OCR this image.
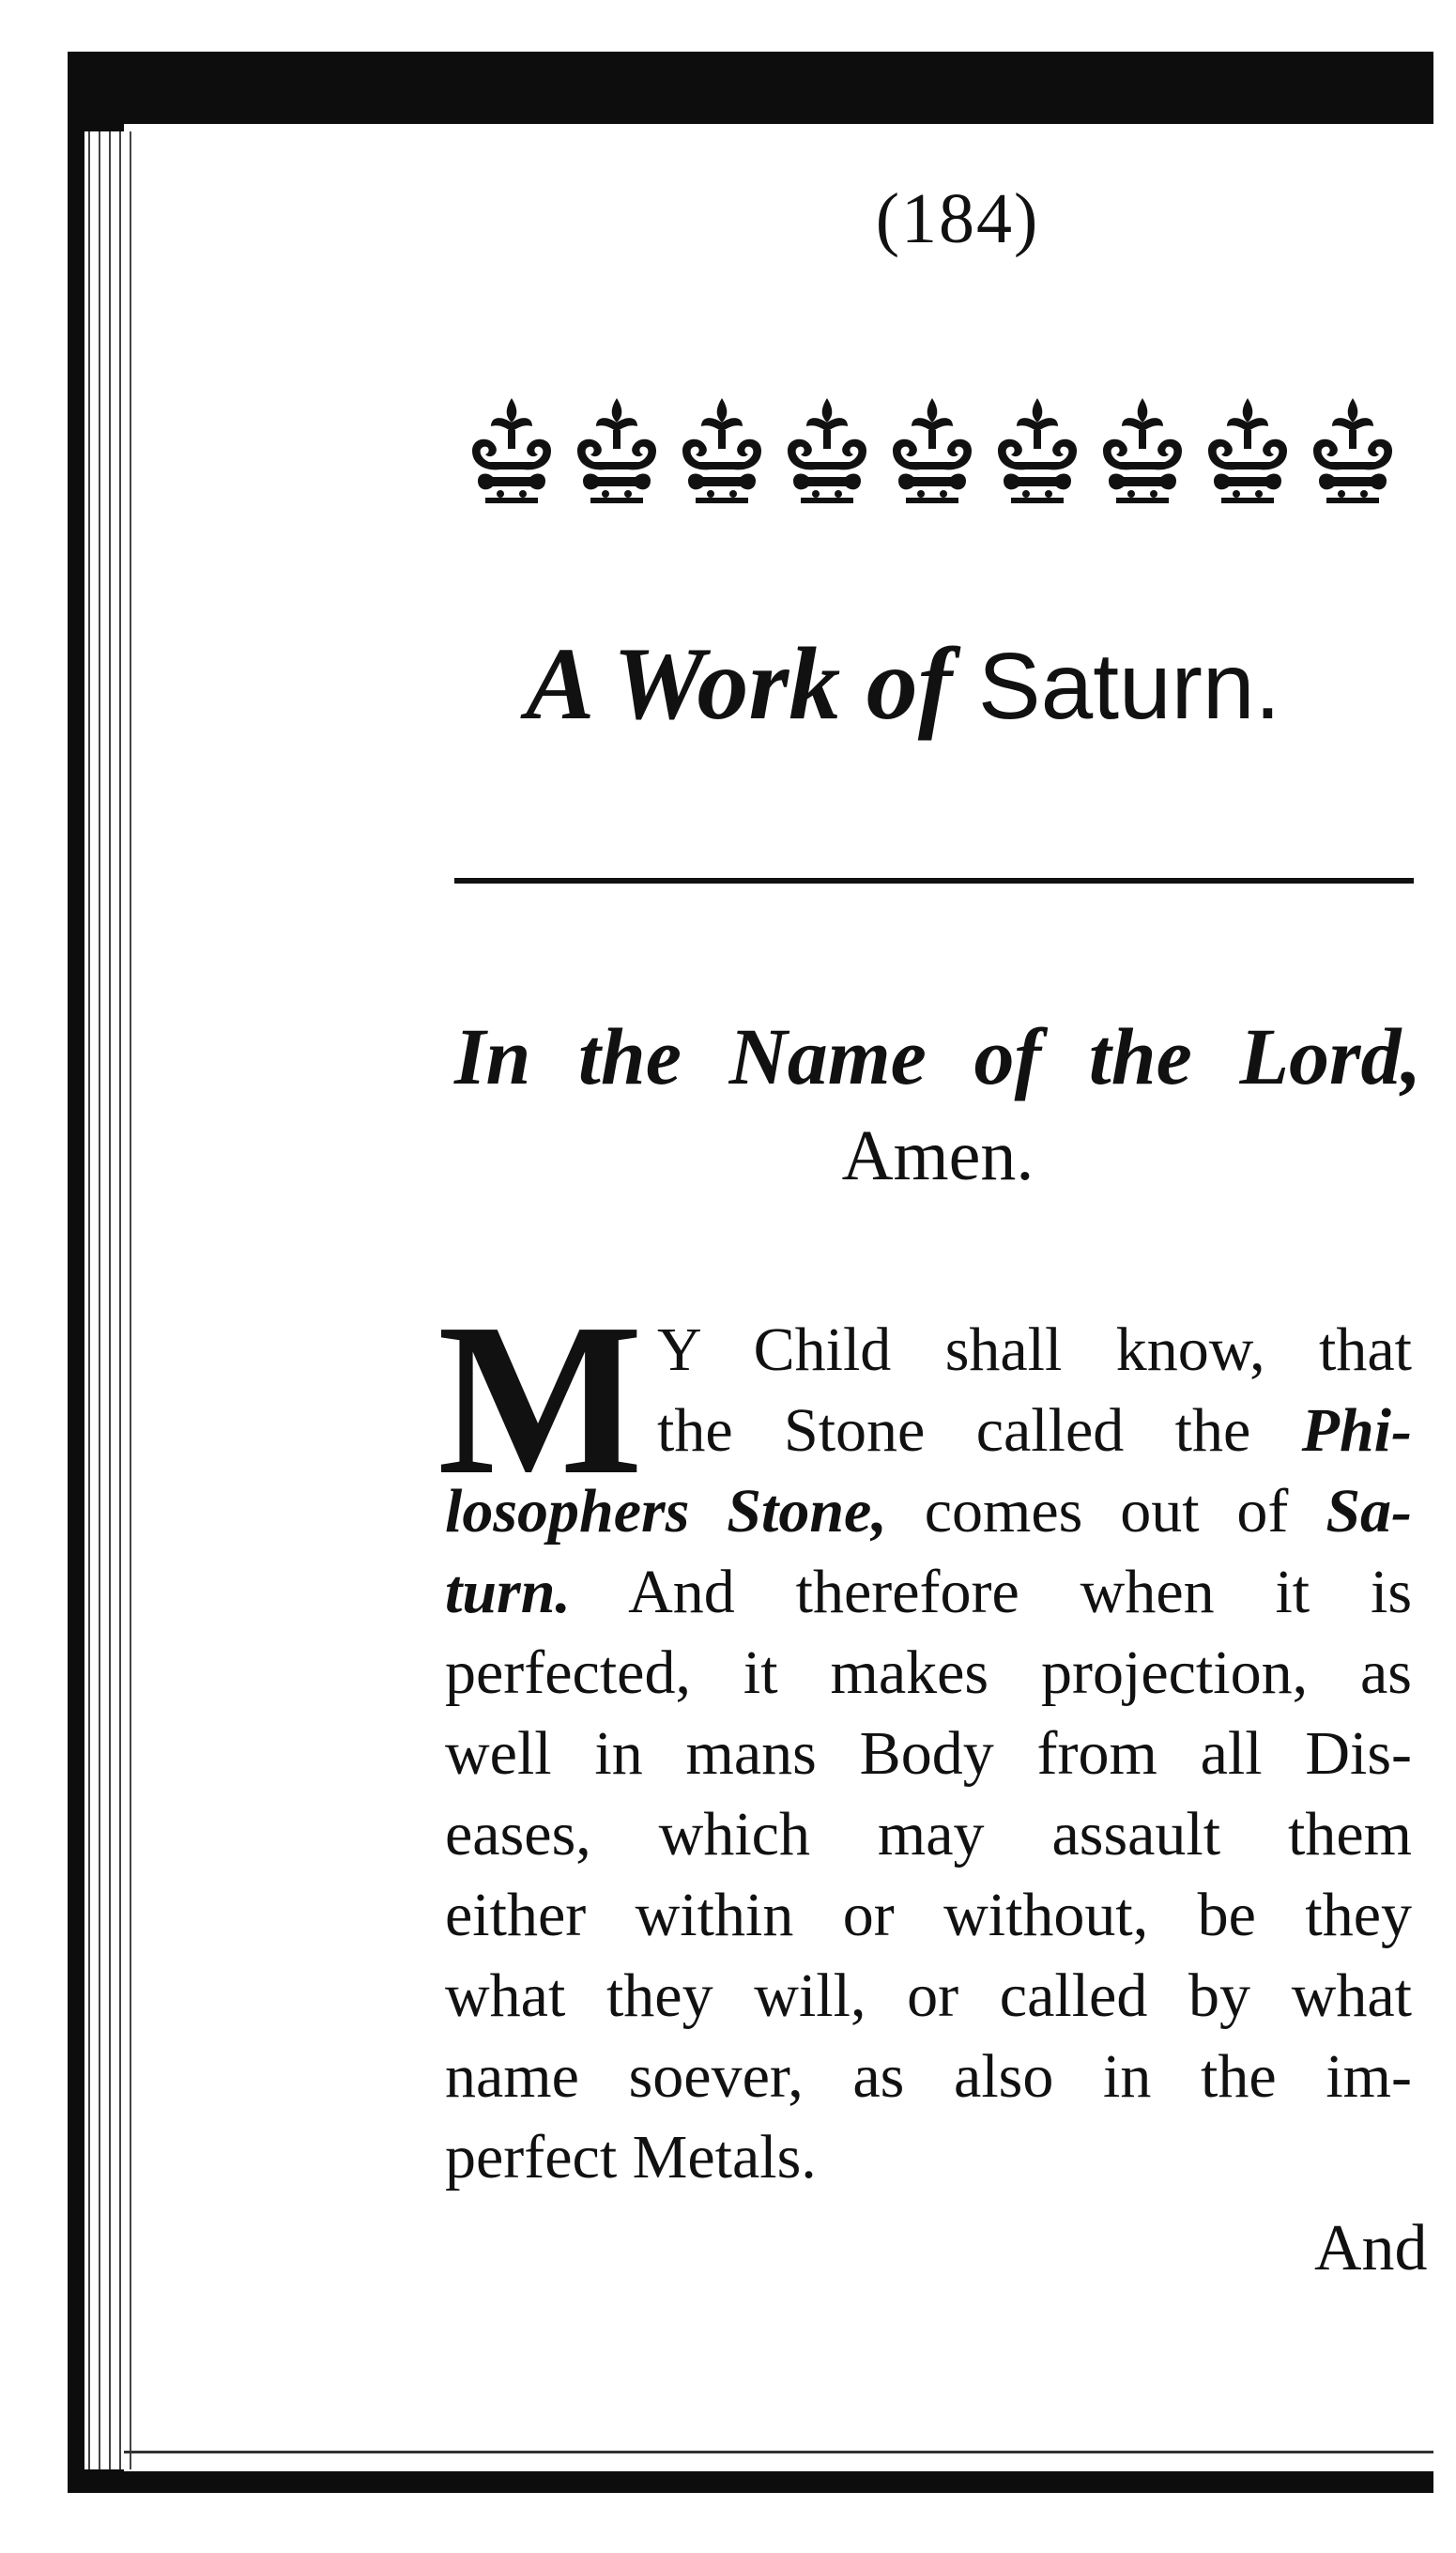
(184)
A Work of Saturn.
In the Name of the Lord,
Amen.
M Y Child shall know, that
the Stone called the Phi-
losophers Stone, comes out of Sa-
turn. And therefore when it is
perfected, it makes projection, as
well in mans Body from all Dis-
eases, which may assault them
either within or without, be they
what they will, or called by what
name soever, as also in the im-
perfect Metals.
And
